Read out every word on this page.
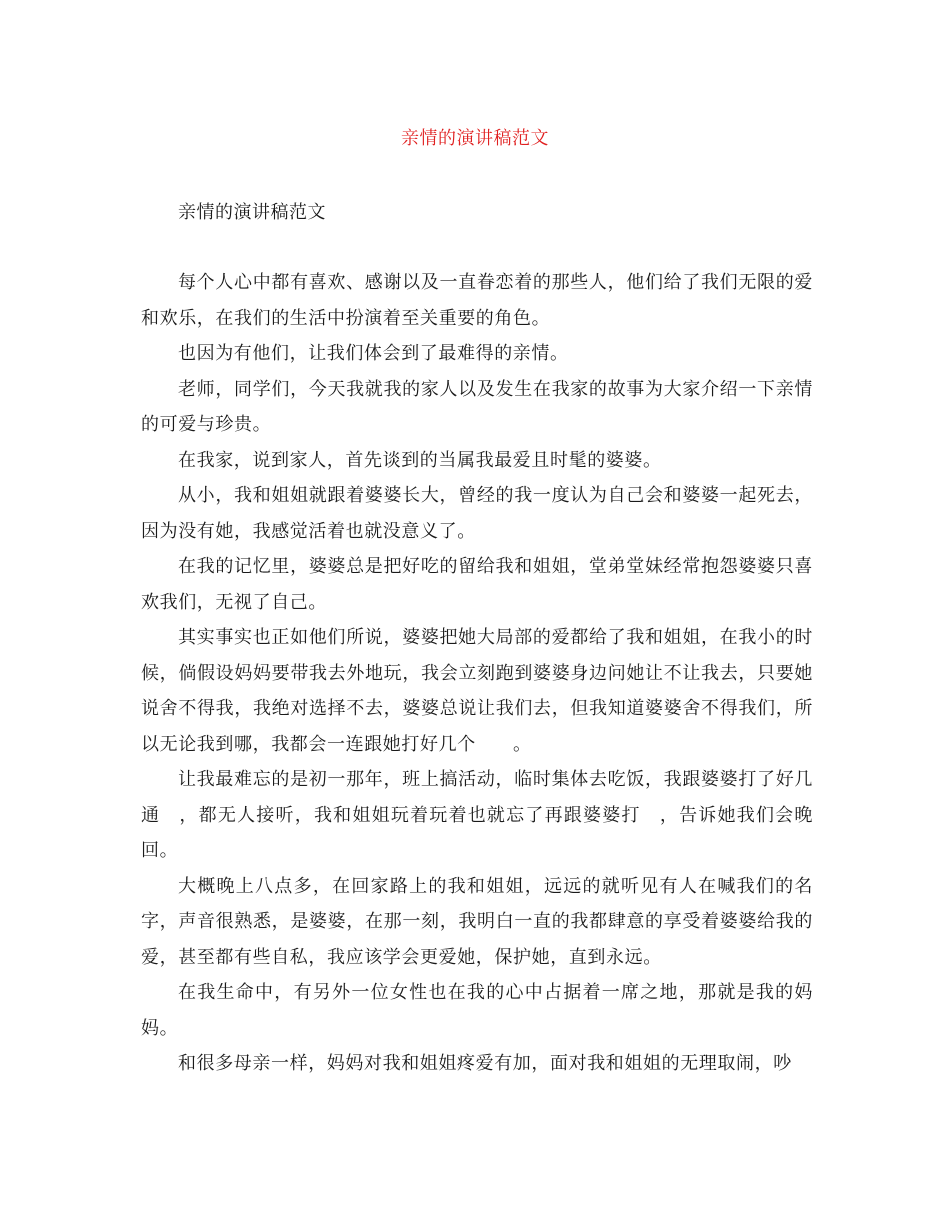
亲情的演讲稿范文
亲情的演讲稿范文

每个人心中都有喜欢、感谢以及一直眷恋着的那些人，他们给了我们无限的爱和欢乐，在我们的生活中扮演着至关重要的角色。

也因为有他们，让我们体会到了最难得的亲情。

老师，同学们，今天我就我的家人以及发生在我家的故事为大家介绍一下亲情的可爱与珍贵。

在我家，说到家人，首先谈到的当属我最爱且时髦的婆婆。

从小，我和姐姐就跟着婆婆长大，曾经的我一度认为自己会和婆婆一起死去，因为没有她，我感觉活着也就没意义了。

在我的记忆里，婆婆总是把好吃的留给我和姐姐，堂弟堂妹经常抱怨婆婆只喜欢我们，无视了自己。

其实事实也正如他们所说，婆婆把她大局部的爱都给了我和姐姐，在我小的时候，倘假设妈妈要带我去外地玩，我会立刻跑到婆婆身边问她让不让我去，只要她说舍不得我，我绝对选择不去，婆婆总说让我们去，但我知道婆婆舍不得我们，所以无论我到哪，我都会一连跟她打好几个　　。

让我最难忘的是初一那年，班上搞活动，临时集体去吃饭，我跟婆婆打了好几通　，都无人接听，我和姐姐玩着玩着也就忘了再跟婆婆打　，告诉她我们会晚回。

大概晚上八点多，在回家路上的我和姐姐，远远的就听见有人在喊我们的名字，声音很熟悉，是婆婆，在那一刻，我明白一直的我都肆意的享受着婆婆给我的爱，甚至都有些自私，我应该学会更爱她，保护她，直到永远。

在我生命中，有另外一位女性也在我的心中占据着一席之地，那就是我的妈妈。

和很多母亲一样，妈妈对我和姐姐疼爱有加，面对我和姐姐的无理取闹，吵
